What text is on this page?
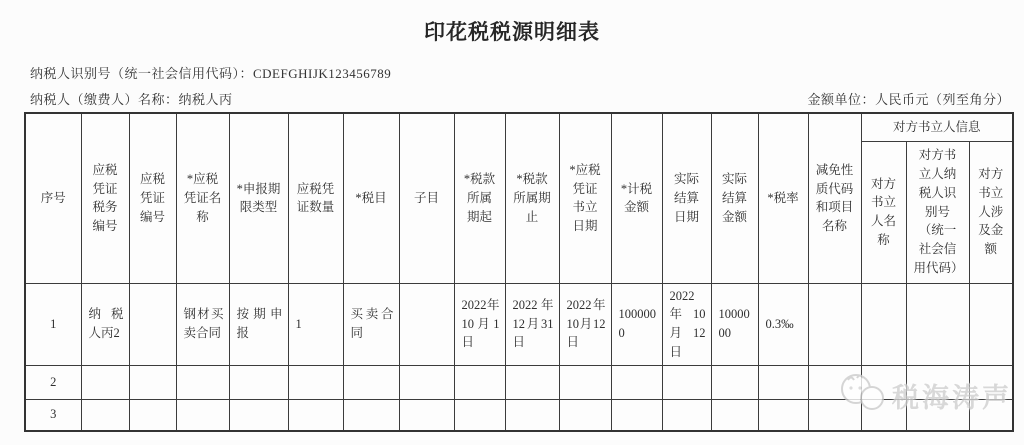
印花税税源明细表
纳税人识别号（统一社会信用代码）：CDEFGHIJK123456789
纳税人（缴费人）名称：纳税人丙	金额单位：人民币元（列至角分）
序号	应税凭证税务编号	应税凭证编号	*应税凭证名称	*申报期限类型	应税凭证数量	*税目	子目	*税款所属期起	*税款所属期止	*应税凭证书立日期	*计税金额	实际结算日期	实际结算金额	*税率	减免性质代码和项目名称	对方书立人信息		
																对方书立人名称	对方书立人纳税人识别号（统一社会信用代码）	对方书立人涉及金额
1	纳税人丙2		钢材买卖合同	按期申报	1	买卖合同		2022年10月1日	2022年12月31日	2022年10月12日	1000000	2022年10月12日	1000000	0.3‰				
2																		
3																		
税海涛声
